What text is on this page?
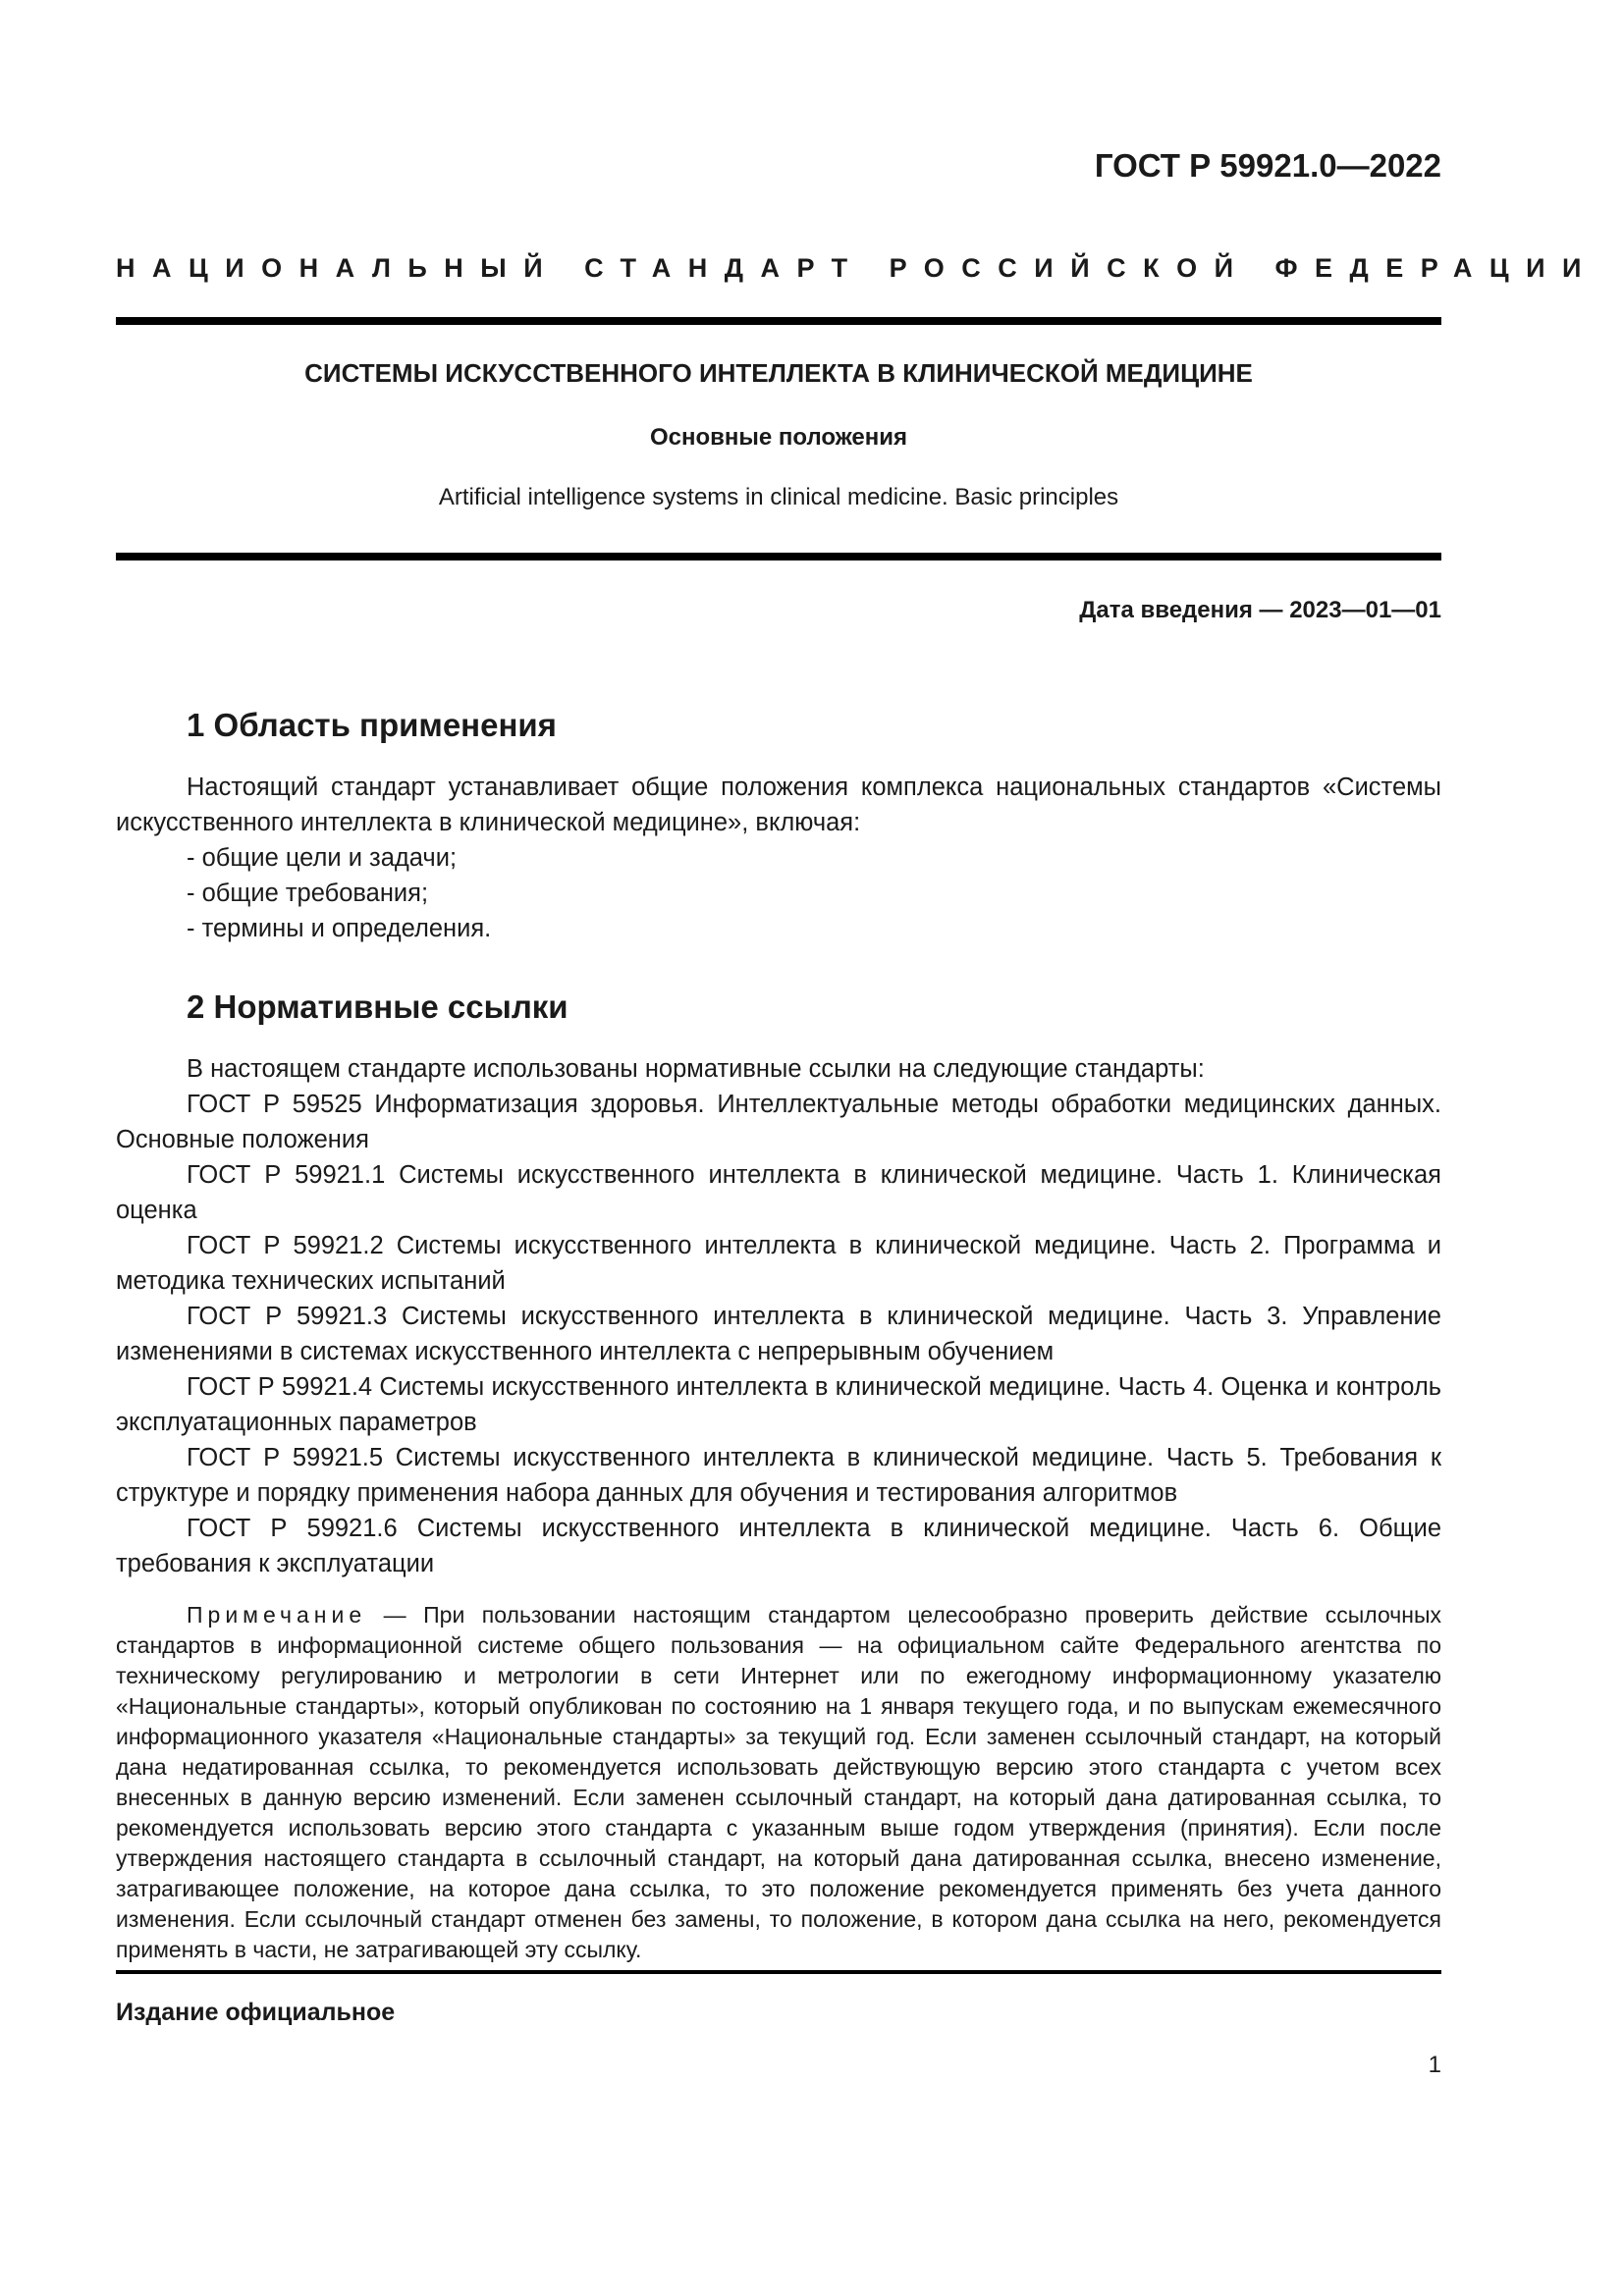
ГОСТ Р 59921.0—2022
НАЦИОНАЛЬНЫЙ СТАНДАРТ РОССИЙСКОЙ ФЕДЕРАЦИИ
СИСТЕМЫ ИСКУССТВЕННОГО ИНТЕЛЛЕКТА В КЛИНИЧЕСКОЙ МЕДИЦИНЕ
Основные положения
Artificial intelligence systems in clinical medicine. Basic principles
Дата введения — 2023—01—01
1 Область применения

Настоящий стандарт устанавливает общие положения комплекса национальных стандартов «Системы искусственного интеллекта в клинической медицине», включая:

- общие цели и задачи;
- общие требования;
- термины и определения.
2 Нормативные ссылки

В настоящем стандарте использованы нормативные ссылки на следующие стандарты:

ГОСТ Р 59525 Информатизация здоровья. Интеллектуальные методы обработки медицинских данных. Основные положения

ГОСТ Р 59921.1 Системы искусственного интеллекта в клинической медицине. Часть 1. Клиническая оценка

ГОСТ Р 59921.2 Системы искусственного интеллекта в клинической медицине. Часть 2. Программа и методика технических испытаний

ГОСТ Р 59921.3 Системы искусственного интеллекта в клинической медицине. Часть 3. Управление изменениями в системах искусственного интеллекта с непрерывным обучением

ГОСТ Р 59921.4 Системы искусственного интеллекта в клинической медицине. Часть 4. Оценка и контроль эксплуатационных параметров

ГОСТ Р 59921.5 Системы искусственного интеллекта в клинической медицине. Часть 5. Требования к структуре и порядку применения набора данных для обучения и тестирования алгоритмов

ГОСТ Р 59921.6 Системы искусственного интеллекта в клинической медицине. Часть 6. Общие требования к эксплуатации

Примечание — При пользовании настоящим стандартом целесообразно проверить действие ссылочных стандартов в информационной системе общего пользования — на официальном сайте Федерального агентства по техническому регулированию и метрологии в сети Интернет или по ежегодному информационному указателю «Национальные стандарты», который опубликован по состоянию на 1 января текущего года, и по выпускам ежемесячного информационного указателя «Национальные стандарты» за текущий год. Если заменен ссылочный стандарт, на который дана недатированная ссылка, то рекомендуется использовать действующую версию этого стандарта с учетом всех внесенных в данную версию изменений. Если заменен ссылочный стандарт, на который дана датированная ссылка, то рекомендуется использовать версию этого стандарта с указанным выше годом утверждения (принятия). Если после утверждения настоящего стандарта в ссылочный стандарт, на который дана датированная ссылка, внесено изменение, затрагивающее положение, на которое дана ссылка, то это положение рекомендуется применять без учета данного изменения. Если ссылочный стандарт отменен без замены, то положение, в котором дана ссылка на него, рекомендуется применять в части, не затрагивающей эту ссылку.
Издание официальное
1
